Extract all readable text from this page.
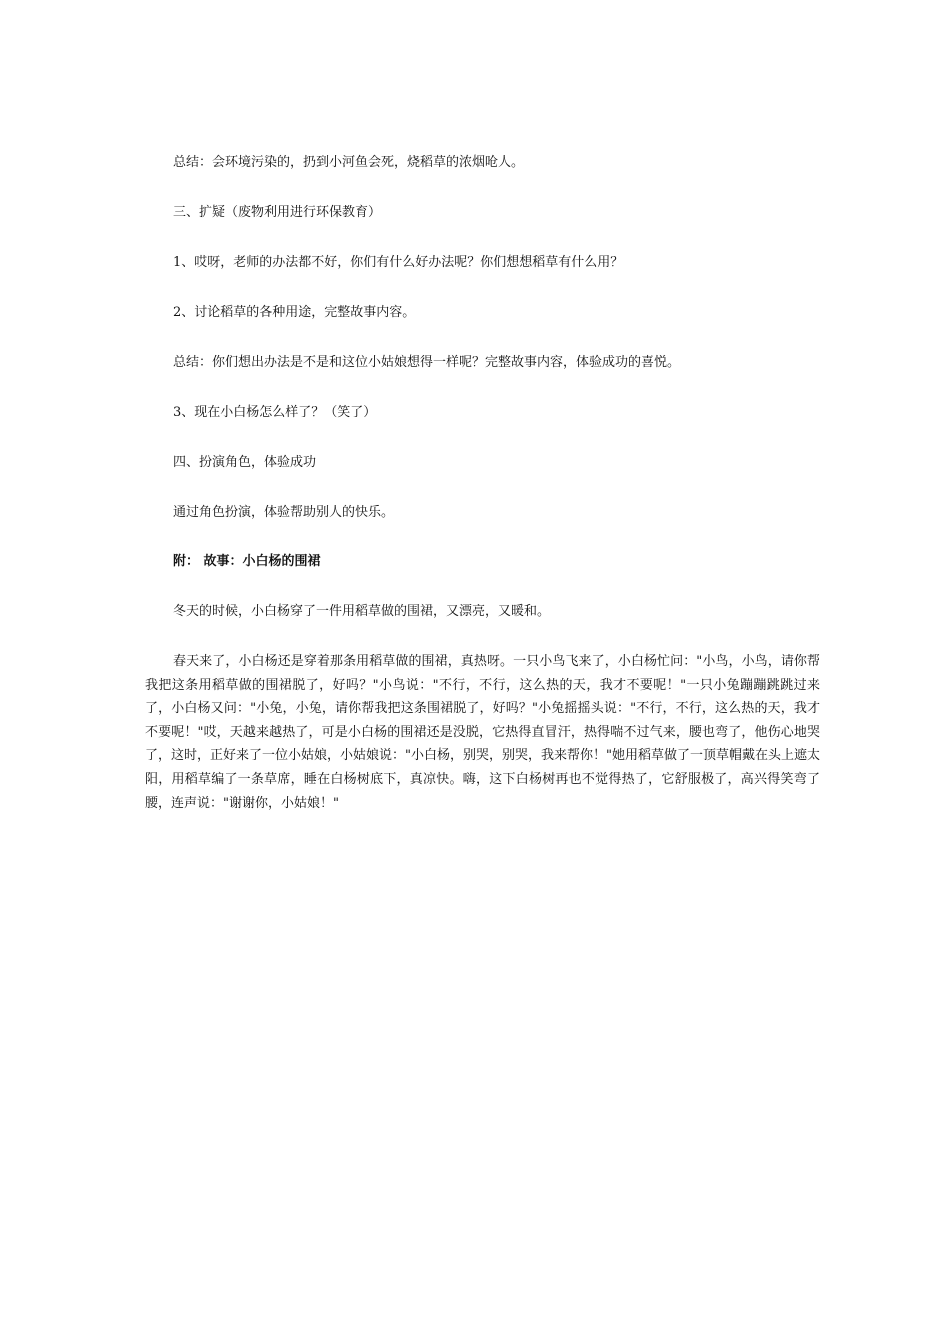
总结：会环境污染的，扔到小河鱼会死，烧稻草的浓烟呛人。
三、扩疑（废物利用进行环保教育）
1、哎呀，老师的办法都不好，你们有什么好办法呢？你们想想稻草有什么用？
2、讨论稻草的各种用途，完整故事内容。
总结：你们想出办法是不是和这位小姑娘想得一样呢？完整故事内容，体验成功的喜悦。
3、现在小白杨怎么样了？（笑了）
四、扮演角色，体验成功
通过角色扮演，体验帮助别人的快乐。
附： 故事：小白杨的围裙
冬天的时候，小白杨穿了一件用稻草做的围裙，又漂亮，又暖和。
春天来了，小白杨还是穿着那条用稻草做的围裙，真热呀。一只小鸟飞来了，小白杨忙问："小鸟，小鸟，请你帮我把这条用稻草做的围裙脱了，好吗？"小鸟说："不行，不行，这么热的天，我才不要呢！"一只小兔蹦蹦跳跳过来了，小白杨又问："小兔，小兔，请你帮我把这条围裙脱了，好吗？"小兔摇摇头说："不行，不行，这么热的天，我才不要呢！"哎，天越来越热了，可是小白杨的围裙还是没脱，它热得直冒汗，热得喘不过气来，腰也弯了，他伤心地哭了，这时，正好来了一位小姑娘，小姑娘说："小白杨，别哭，别哭，我来帮你！"她用稻草做了一顶草帽戴在头上遮太阳，用稻草编了一条草席，睡在白杨树底下，真凉快。嗨，这下白杨树再也不觉得热了，它舒服极了，高兴得笑弯了腰，连声说："谢谢你，小姑娘！"
